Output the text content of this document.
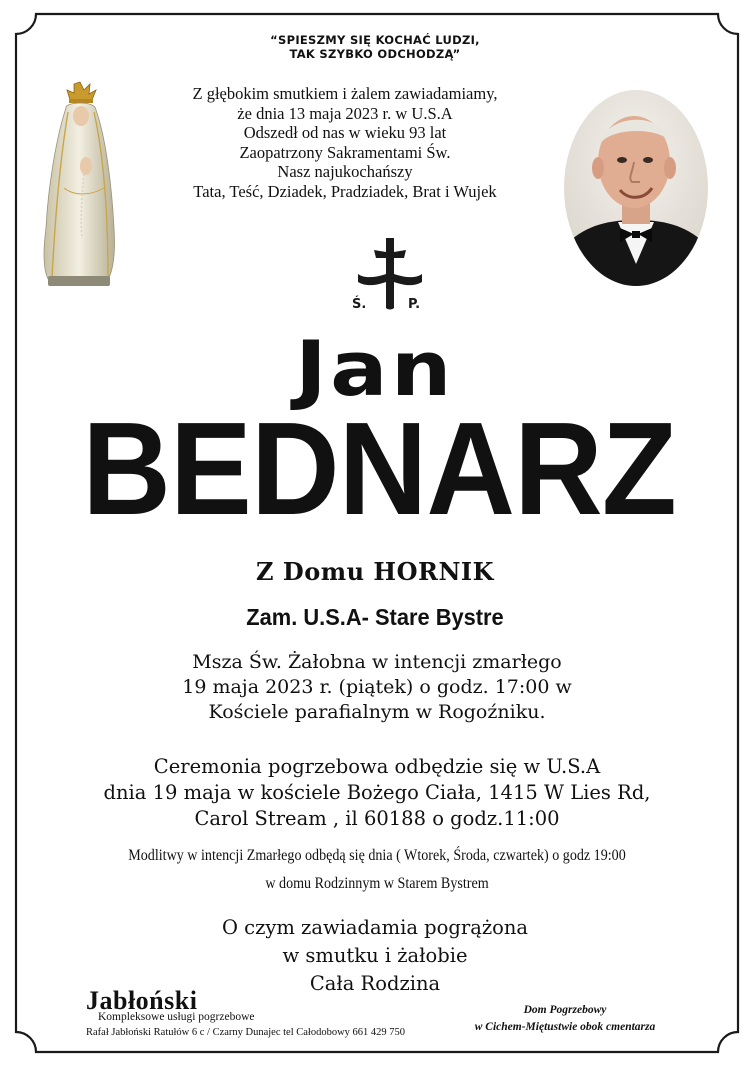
“SPIESZMY SIĘ KOCHAĆ LUDZI,
TAK SZYBKO ODCHODZĄ”
Z głębokim smutkiem i żalem zawiadamiamy,
że dnia 13 maja 2023 r. w U.S.A
Odszedł od nas w wieku 93 lat
Zaopatrzony Sakramentami Św.
Nasz najukochańszy
Tata, Teść, Dziadek, Pradziadek, Brat i Wujek
Ś.	P.
Jan
BEDNARZ
Z Domu HORNIK
Zam. U.S.A- Stare Bystre
Msza Św. Żałobna w intencji zmarłego
19 maja 2023 r. (piątek) o godz. 17:00 w
Kościele parafialnym w Rogoźniku.
Ceremonia pogrzebowa odbędzie się w U.S.A
dnia 19 maja w kościele Bożego Ciała, 1415 W Lies Rd,
Carol Stream , il 60188 o godz.11:00
Modlitwy w intencji Zmarłego odbędą się dnia ( Wtorek, Środa, czwartek) o godz 19:00
w domu Rodzinnym w Starem Bystrem
O czym zawiadamia pogrążona
w smutku i żałobie
Cała Rodzina
Jabłoński
Kompleksowe usługi pogrzebowe
Rafał Jabłoński Ratułów 6 c / Czarny Dunajec tel Całodobowy 661 429 750
Dom Pogrzebowy
w Cichem-Miętustwie obok cmentarza
